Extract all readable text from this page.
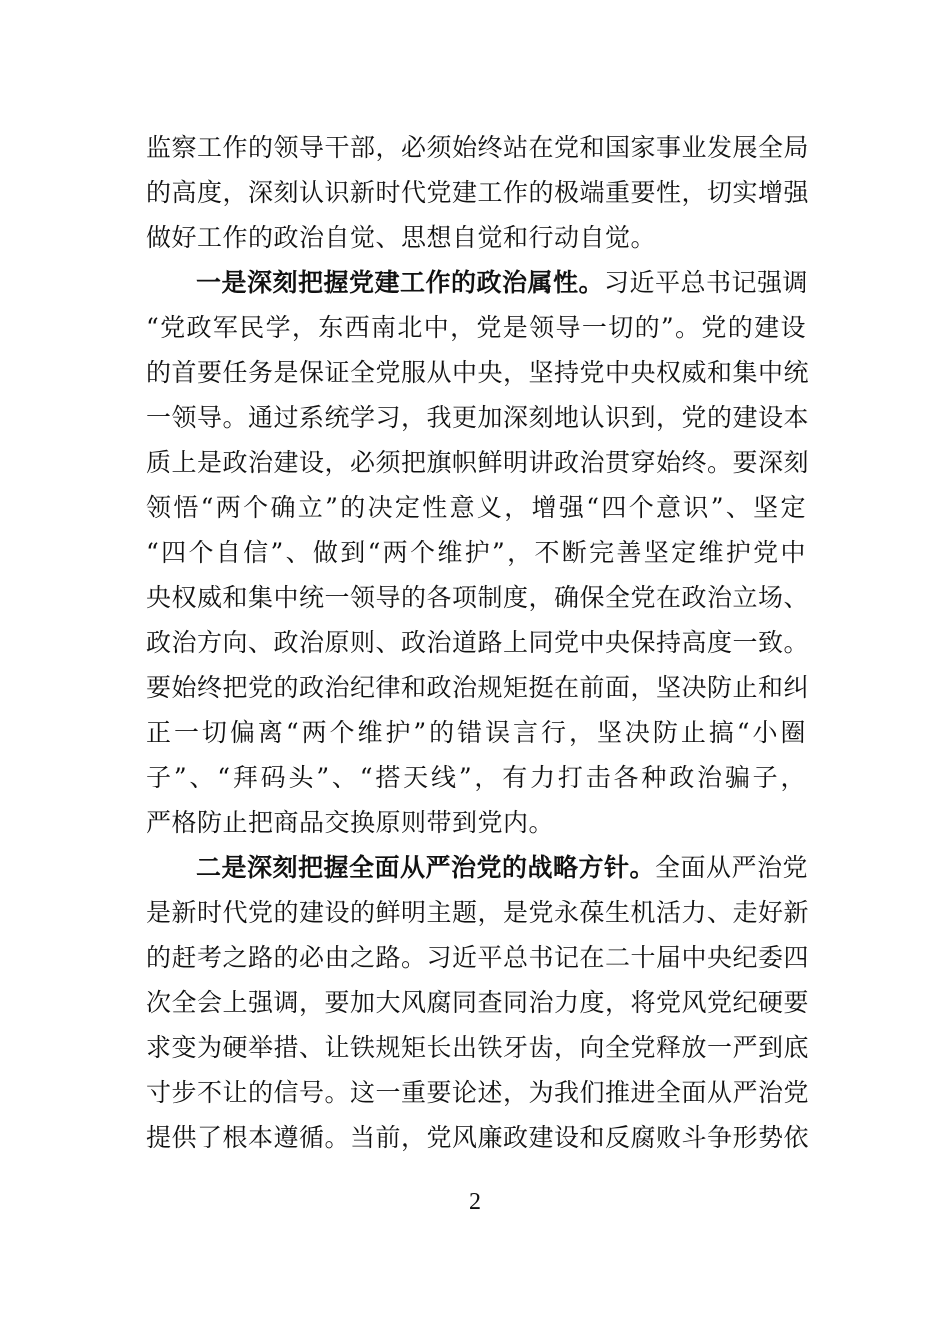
监察工作的领导干部，必须始终站在党和国家事业发展全局
的高度，深刻认识新时代党建工作的极端重要性，切实增强
做好工作的政治自觉、思想自觉和行动自觉。
一是深刻把握党建工作的政治属性。习近平总书记强调
“党政军民学，东西南北中，党是领导一切的”。党的建设
的首要任务是保证全党服从中央，坚持党中央权威和集中统
一领导。通过系统学习，我更加深刻地认识到，党的建设本
质上是政治建设，必须把旗帜鲜明讲政治贯穿始终。要深刻
领悟“两个确立”的决定性意义，增强“四个意识”、坚定
“四个自信”、做到“两个维护”，不断完善坚定维护党中
央权威和集中统一领导的各项制度，确保全党在政治立场、
政治方向、政治原则、政治道路上同党中央保持高度一致。
要始终把党的政治纪律和政治规矩挺在前面，坚决防止和纠
正一切偏离“两个维护”的错误言行，坚决防止搞“小圈
子”、“拜码头”、“搭天线”，有力打击各种政治骗子，
严格防止把商品交换原则带到党内。
二是深刻把握全面从严治党的战略方针。全面从严治党
是新时代党的建设的鲜明主题，是党永葆生机活力、走好新
的赶考之路的必由之路。习近平总书记在二十届中央纪委四
次全会上强调，要加大风腐同查同治力度，将党风党纪硬要
求变为硬举措、让铁规矩长出铁牙齿，向全党释放一严到底
寸步不让的信号。这一重要论述，为我们推进全面从严治党
提供了根本遵循。当前，党风廉政建设和反腐败斗争形势依
2
